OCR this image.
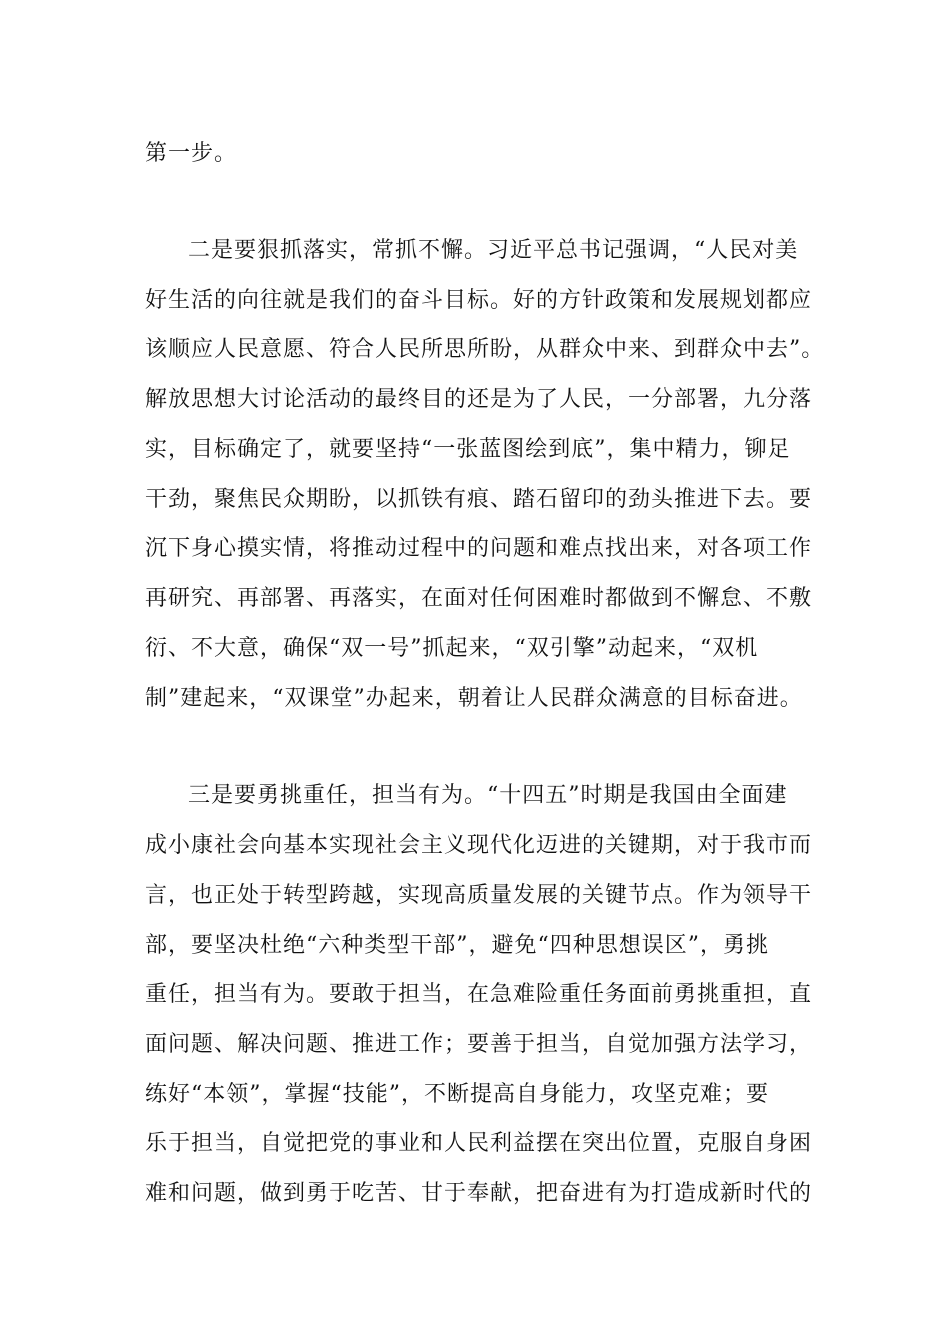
第一步。
二是要狠抓落实，常抓不懈。习近平总书记强调，“人民对美
好生活的向往就是我们的奋斗目标。好的方针政策和发展规划都应
该顺应人民意愿、符合人民所思所盼，从群众中来、到群众中去”。
解放思想大讨论活动的最终目的还是为了人民，一分部署，九分落
实，目标确定了，就要坚持“一张蓝图绘到底”，集中精力，铆足
干劲，聚焦民众期盼，以抓铁有痕、踏石留印的劲头推进下去。要
沉下身心摸实情，将推动过程中的问题和难点找出来，对各项工作
再研究、再部署、再落实，在面对任何困难时都做到不懈怠、不敷
衍、不大意，确保“双一号”抓起来，“双引擎”动起来，“双机
制”建起来，“双课堂”办起来，朝着让人民群众满意的目标奋进。
三是要勇挑重任，担当有为。“十四五”时期是我国由全面建
成小康社会向基本实现社会主义现代化迈进的关键期，对于我市而
言，也正处于转型跨越，实现高质量发展的关键节点。作为领导干
部，要坚决杜绝“六种类型干部”，避免“四种思想误区”，勇挑
重任，担当有为。要敢于担当，在急难险重任务面前勇挑重担，直
面问题、解决问题、推进工作；要善于担当，自觉加强方法学习，
练好“本领”，掌握“技能”，不断提高自身能力，攻坚克难；要
乐于担当，自觉把党的事业和人民利益摆在突出位置，克服自身困
难和问题，做到勇于吃苦、甘于奉献，把奋进有为打造成新时代的
